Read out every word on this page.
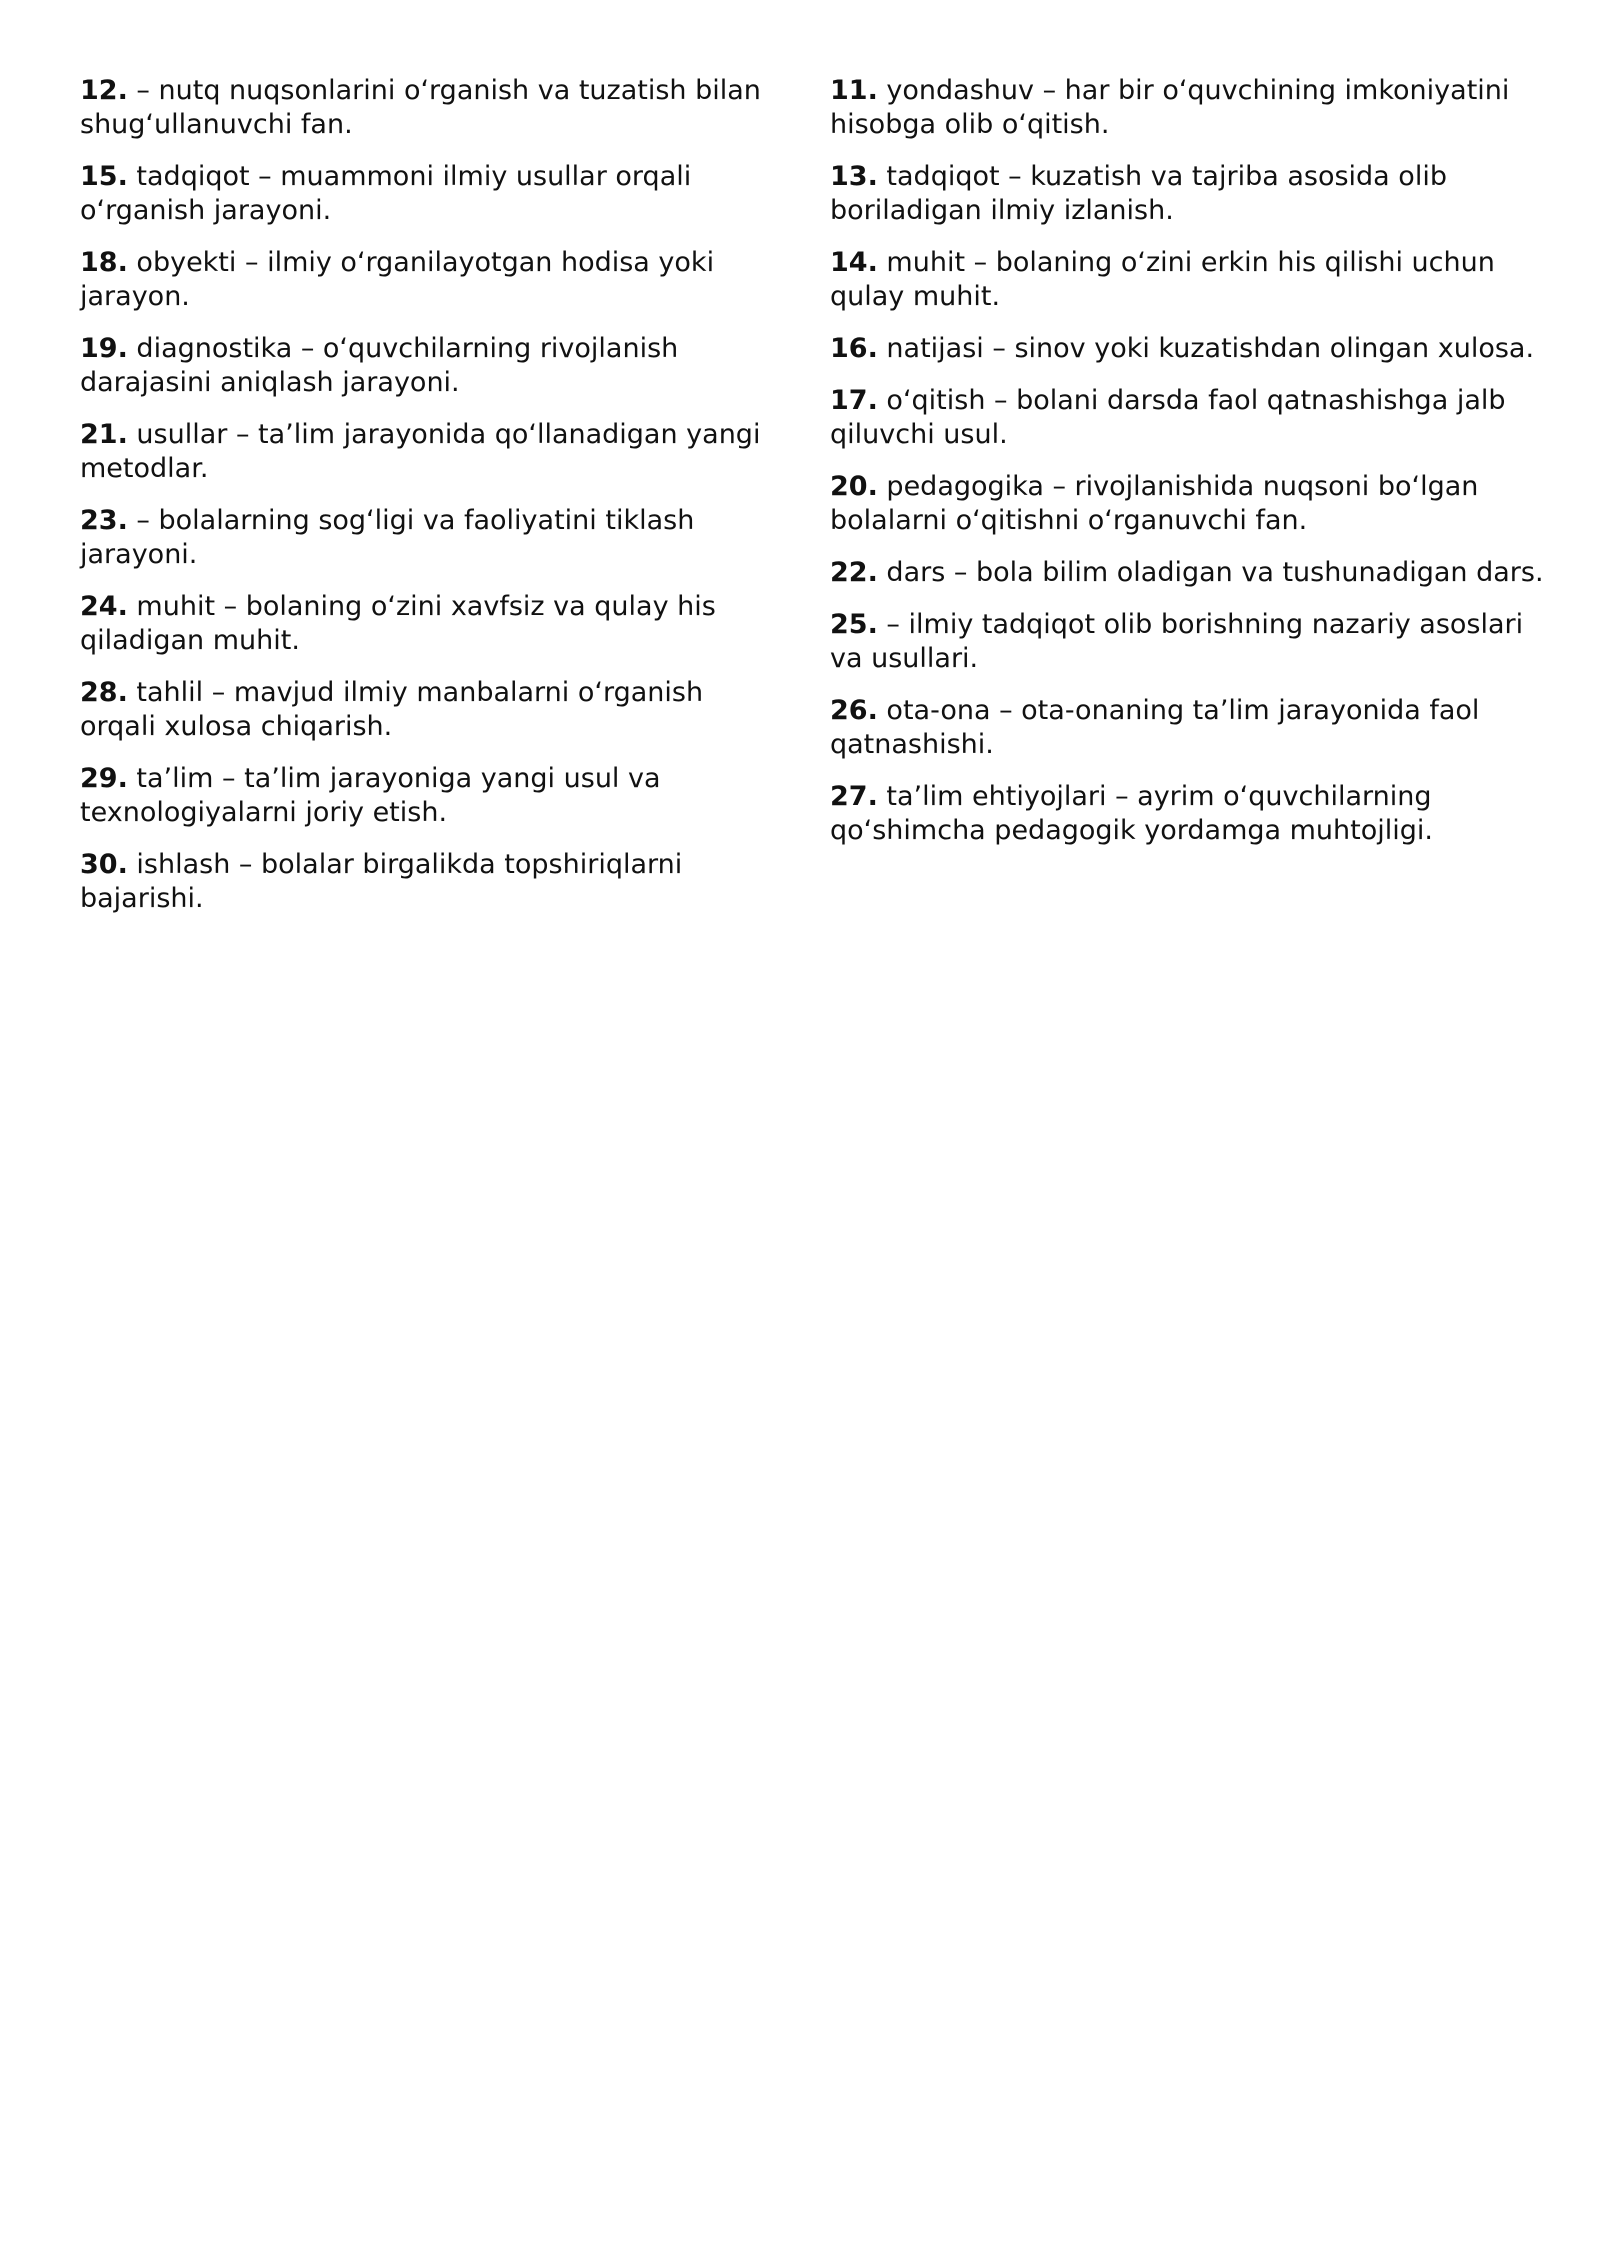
12. – nutq nuqsonlarini o‘rganish va tuzatish bilan shug‘ullanuvchi fan.

15. tadqiqot – muammoni ilmiy usullar orqali o‘rganish jarayoni.

18. obyekti – ilmiy o‘rganilayotgan hodisa yoki jarayon.

19. diagnostika – o‘quvchilarning rivojlanish darajasini aniqlash jarayoni.

21. usullar – ta’lim jarayonida qo‘llanadigan yangi metodlar.

23. – bolalarning sog‘ligi va faoliyatini tiklash jarayoni.

24. muhit – bolaning o‘zini xavfsiz va qulay his qiladigan muhit.

28. tahlil – mavjud ilmiy manbalarni o‘rganish orqali xulosa chiqarish.

29. ta’lim – ta’lim jarayoniga yangi usul va texnologiyalarni joriy etish.

30. ishlash – bolalar birgalikda topshiriqlarni bajarishi.

11. yondashuv – har bir o‘quvchining imkoniyatini hisobga olib o‘qitish.

13. tadqiqot – kuzatish va tajriba asosida olib boriladigan ilmiy izlanish.

14. muhit – bolaning o‘zini erkin his qilishi uchun qulay muhit.

16. natijasi – sinov yoki kuzatishdan olingan xulosa.

17. o‘qitish – bolani darsda faol qatnashishga jalb qiluvchi usul.

20. pedagogika – rivojlanishida nuqsoni bo‘lgan bolalarni o‘qitishni o‘rganuvchi fan.

22. dars – bola bilim oladigan va tushunadigan dars.

25. – ilmiy tadqiqot olib borishning nazariy asoslari va usullari.

26. ota-ona – ota-onaning ta’lim jarayonida faol qatnashishi.

27. ta’lim ehtiyojlari – ayrim o‘quvchilarning qo‘shimcha pedagogik yordamga muhtojligi.
